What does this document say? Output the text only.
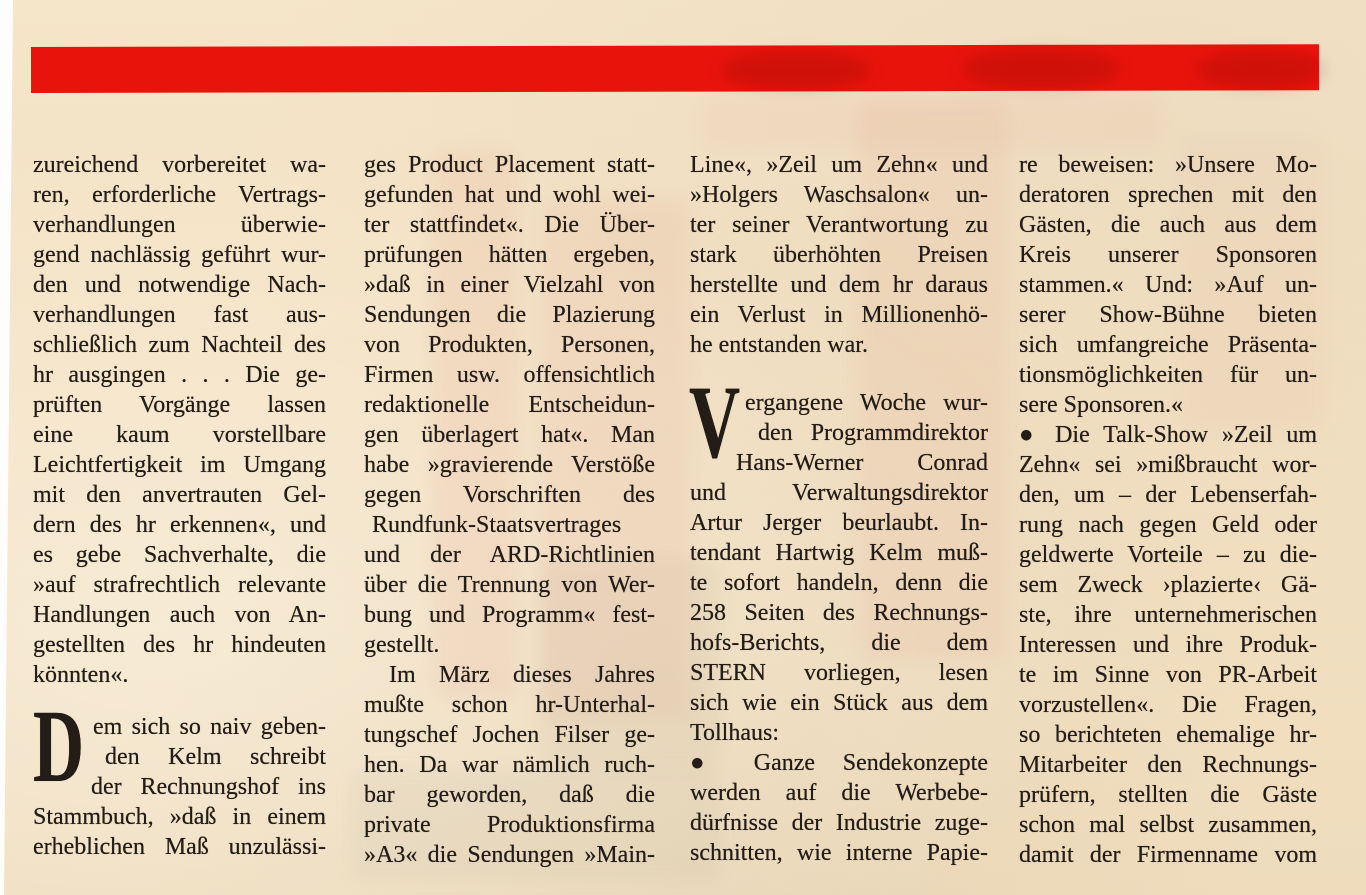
zureichend vorbereitet wa-
ren, erforderliche Vertrags-
verhandlungen überwie-
gend nachlässig geführt wur-
den und notwendige Nach-
verhandlungen fast aus-
schließlich zum Nachteil des
hr ausgingen . . . Die ge-
prüften Vorgänge lassen
eine kaum vorstellbare
Leichtfertigkeit im Umgang
mit den anvertrauten Gel-
dern des hr erkennen«, und
es gebe Sachverhalte, die
»auf strafrechtlich relevante
Handlungen auch von An-
gestellten des hr hindeuten
könnten«.
D em sich so naiv geben-
den Kelm schreibt
der Rechnungshof ins
Stammbuch, »daß in einem
erheblichen Maß unzulässi-
ges Product Placement statt-
gefunden hat und wohl wei-
ter stattfindet«. Die Über-
prüfungen hätten ergeben,
»daß in einer Vielzahl von
Sendungen die Plazierung
von Produkten, Personen,
Firmen usw. offensichtlich
redaktionelle Entscheidun-
gen überlagert hat«. Man
habe »gravierende Verstöße
gegen Vorschriften des
Rundfunk-Staatsvertrages
und der ARD-Richtlinien
über die Trennung von Wer-
bung und Programm« fest-
gestellt.
Im März dieses Jahres
mußte schon hr-Unterhal-
tungschef Jochen Filser ge-
hen. Da war nämlich ruch-
bar geworden, daß die
private Produktionsfirma
»A3« die Sendungen »Main-
Line«, »Zeil um Zehn« und
»Holgers Waschsalon« un-
ter seiner Verantwortung zu
stark überhöhten Preisen
herstellte und dem hr daraus
ein Verlust in Millionenhö-
he entstanden war.
V ergangene Woche wur-
den Programmdirektor
Hans-Werner Conrad
und Verwaltungsdirektor
Artur Jerger beurlaubt. In-
tendant Hartwig Kelm muß-
te sofort handeln, denn die
258 Seiten des Rechnungs-
hofs-Berichts, die dem
STERN vorliegen, lesen
sich wie ein Stück aus dem
Tollhaus:
● Ganze Sendekonzepte
werden auf die Werbebe-
dürfnisse der Industrie zuge-
schnitten, wie interne Papie-
re beweisen: »Unsere Mo-
deratoren sprechen mit den
Gästen, die auch aus dem
Kreis unserer Sponsoren
stammen.« Und: »Auf un-
serer Show-Bühne bieten
sich umfangreiche Präsenta-
tionsmöglichkeiten für un-
sere Sponsoren.«
● Die Talk-Show »Zeil um
Zehn« sei »mißbraucht wor-
den, um – der Lebenserfah-
rung nach gegen Geld oder
geldwerte Vorteile – zu die-
sem Zweck ›plazierte‹ Gä-
ste, ihre unternehmerischen
Interessen und ihre Produk-
te im Sinne von PR-Arbeit
vorzustellen«. Die Fragen,
so berichteten ehemalige hr-
Mitarbeiter den Rechnungs-
prüfern, stellten die Gäste
schon mal selbst zusammen,
damit der Firmenname vom
